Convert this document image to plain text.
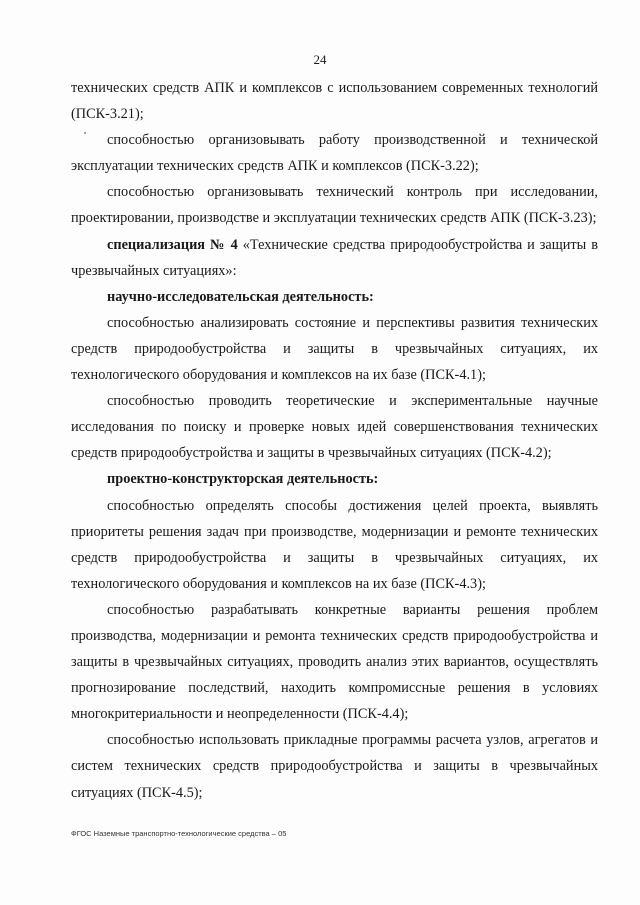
24

технических средств АПК и комплексов с использованием современных технологий (ПСК-3.21);

способностью организовывать работу производственной и технической эксплуатации технических средств АПК и комплексов (ПСК-3.22);

способностью организовывать технический контроль при исследовании, проектировании, производстве и эксплуатации технических средств АПК (ПСК-3.23);

специализация № 4 «Технические средства природообустройства и защиты в чрезвычайных ситуациях»:

научно-исследовательская деятельность:

способностью анализировать состояние и перспективы развития технических средств природообустройства и защиты в чрезвычайных ситуациях, их технологического оборудования и комплексов на их базе (ПСК-4.1);

способностью проводить теоретические и экспериментальные научные исследования по поиску и проверке новых идей совершенствования технических средств природообустройства и защиты в чрезвычайных ситуациях (ПСК-4.2);

проектно-конструкторская деятельность:

способностью определять способы достижения целей проекта, выявлять приоритеты решения задач при производстве, модернизации и ремонте технических средств природообустройства и защиты в чрезвычайных ситуациях, их технологического оборудования и комплексов на их базе (ПСК-4.3);

способностью разрабатывать конкретные варианты решения проблем производства, модернизации и ремонта технических средств природообустройства и защиты в чрезвычайных ситуациях, проводить анализ этих вариантов, осуществлять прогнозирование последствий, находить компромиссные решения в условиях многокритериальности и неопределенности (ПСК-4.4);

способностью использовать прикладные программы расчета узлов, агрегатов и систем технических средств природообустройства и защиты в чрезвычайных ситуациях (ПСК-4.5);

ФГОС Наземные транспортно-технологические средства – 05
